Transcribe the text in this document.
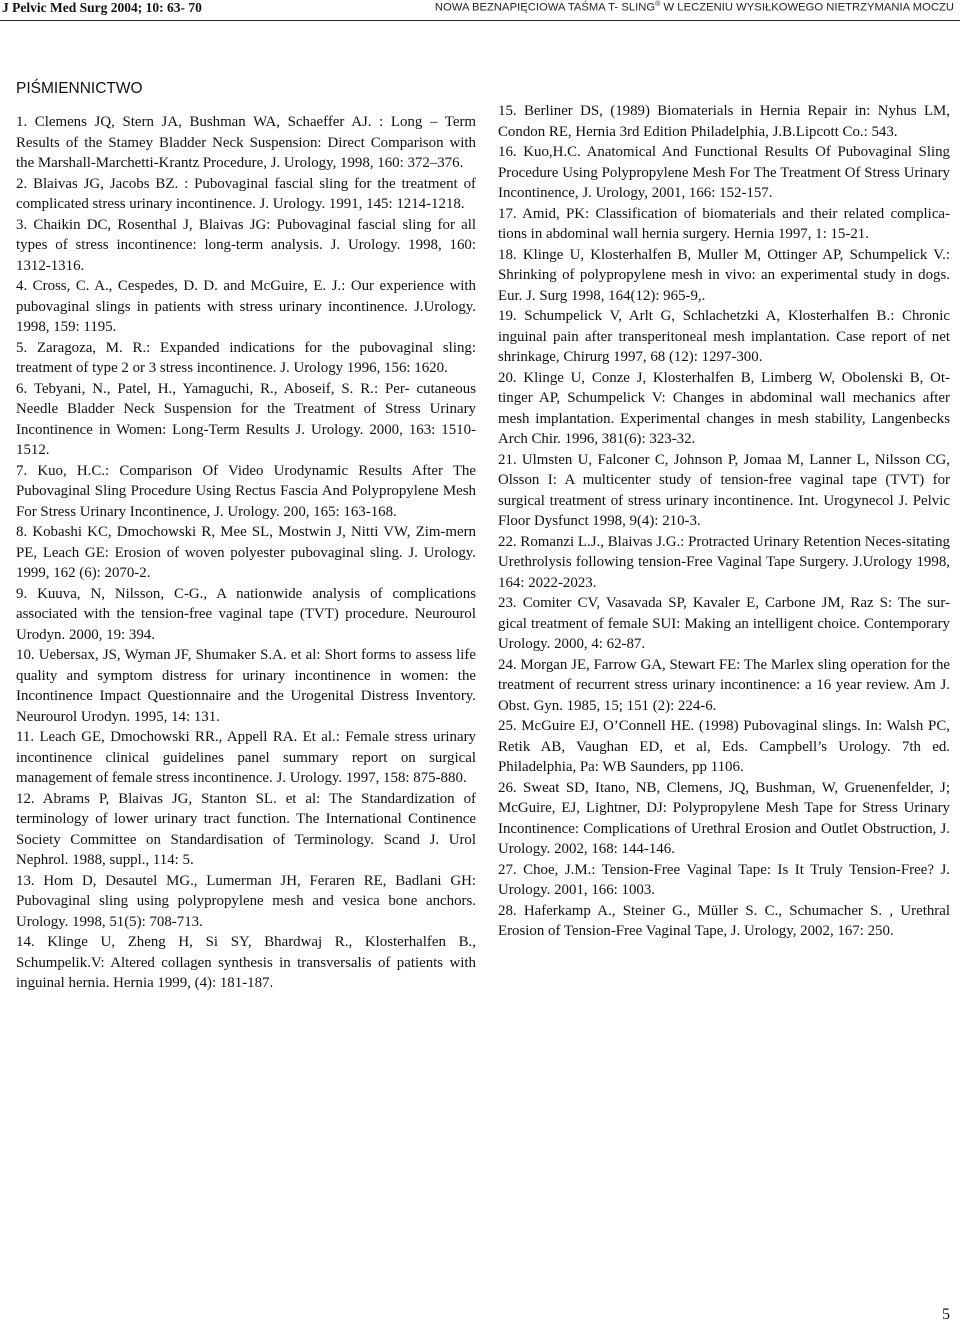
J Pelvic Med Surg 2004; 10: 63- 70	NOWA BEZNAPIĘCIOWA TAŚMA T- SLING® W LECZENIU WYSIŁKOWEGO NIETRZYMANIA MOCZU
PIŚMIENNICTWO

1. Clemens JQ, Stern JA, Bushman WA, Schaeffer AJ. : Long – Term Results of the Stamey Bladder Neck Suspension: Direct Comparison with the Marshall-Marchetti-Krantz Procedure, J. Urology, 1998, 160: 372–376.

2. Blaivas JG, Jacobs BZ. : Pubovaginal fascial sling for the treatment of complicated stress urinary incontinence. J. Urology. 1991, 145: 1214-1218.

3. Chaikin DC, Rosenthal J, Blaivas JG: Pubovaginal fascial sling for all types of stress incontinence: long-term analysis. J. Urology. 1998, 160: 1312-1316.

4. Cross, C. A., Cespedes, D. D. and McGuire, E. J.: Our experience with pubovaginal slings in patients with stress urinary incontinence. J.Urology. 1998, 159: 1195.

5. Zaragoza, M. R.: Expanded indications for the pubovaginal sling: treatment of type 2 or 3 stress incontinence. J. Urology 1996, 156: 1620.

6. Tebyani, N., Patel, H., Yamaguchi, R., Aboseif, S. R.: Per- cutaneous Needle Bladder Neck Suspension for the Treatment of Stress Urinary Incontinence in Women: Long-Term Results J. Urology. 2000, 163: 1510-1512.

7. Kuo, H.C.: Comparison Of Video Urodynamic Results After The Pubovaginal Sling Procedure Using Rectus Fascia And Polypropylene Mesh For Stress Urinary Incontinence, J. Urology. 200, 165: 163-168.

8. Kobashi KC, Dmochowski R, Mee SL, Mostwin J, Nitti VW, Zim-mern PE, Leach GE: Erosion of woven polyester pubovaginal sling. J. Urology. 1999, 162 (6): 2070-2.

9. Kuuva, N, Nilsson, C-G., A nationwide analysis of complications associated with the tension-free vaginal tape (TVT) procedure. Neurourol Urodyn. 2000, 19: 394.

10. Uebersax, JS, Wyman JF, Shumaker S.A. et al: Short forms to assess life quality and symptom distress for urinary incontinence in women: the Incontinence Impact Questionnaire and the Urogenital Distress Inventory. Neurourol Urodyn. 1995, 14: 131.

11. Leach GE, Dmochowski RR., Appell RA. Et al.: Female stress urinary incontinence clinical guidelines panel summary report on surgical management of female stress incontinence. J. Urology. 1997, 158: 875-880.

12. Abrams P, Blaivas JG, Stanton SL. et al: The Standardization of terminology of lower urinary tract function. The International Continence Society Committee on Standardisation of Terminology. Scand J. Urol Nephrol. 1988, suppl., 114: 5.

13. Hom D, Desautel MG., Lumerman JH, Feraren RE, Badlani GH: Pubovaginal sling using polypropylene mesh and vesica bone anchors. Urology. 1998, 51(5): 708-713.

14. Klinge U, Zheng H, Si SY, Bhardwaj R., Klosterhalfen B., Schumpelik.V: Altered collagen synthesis in transversalis of patients with inguinal hernia. Hernia 1999, (4): 181-187.

15. Berliner DS, (1989) Biomaterials in Hernia Repair in: Nyhus LM, Condon RE, Hernia 3rd Edition Philadelphia, J.B.Lipcott Co.: 543.

16. Kuo,H.C. Anatomical And Functional Results Of Pubovaginal Sling Procedure Using Polypropylene Mesh For The Treatment Of Stress Urinary Incontinence, J. Urology, 2001, 166: 152-157.

17. Amid, PK: Classification of biomaterials and their related complica-tions in abdominal wall hernia surgery. Hernia 1997, 1: 15-21.

18. Klinge U, Klosterhalfen B, Muller M, Ottinger AP, Schumpelick V.: Shrinking of polypropylene mesh in vivo: an experimental study in dogs. Eur. J. Surg 1998, 164(12): 965-9,.

19. Schumpelick V, Arlt G, Schlachetzki A, Klosterhalfen B.: Chronic inguinal pain after transperitoneal mesh implantation. Case report of net shrinkage, Chirurg 1997, 68 (12): 1297-300.

20. Klinge U, Conze J, Klosterhalfen B, Limberg W, Obolenski B, Ot-tinger AP, Schumpelick V: Changes in abdominal wall mechanics after mesh implantation. Experimental changes in mesh stability, Langenbecks Arch Chir. 1996, 381(6): 323-32.

21. Ulmsten U, Falconer C, Johnson P, Jomaa M, Lanner L, Nilsson CG, Olsson I: A multicenter study of tension-free vaginal tape (TVT) for surgical treatment of stress urinary incontinence. Int. Urogynecol J. Pelvic Floor Dysfunct 1998, 9(4): 210-3.

22. Romanzi L.J., Blaivas J.G.: Protracted Urinary Retention Neces-sitating Urethrolysis following tension-Free Vaginal Tape Surgery. J.Urology 1998, 164: 2022-2023.

23. Comiter CV, Vasavada SP, Kavaler E, Carbone JM, Raz S: The sur-gical treatment of female SUI: Making an intelligent choice. Contemporary Urology. 2000, 4: 62-87.

24. Morgan JE, Farrow GA, Stewart FE: The Marlex sling operation for the treatment of recurrent stress urinary incontinence: a 16 year review. Am J. Obst. Gyn. 1985, 15; 151 (2): 224-6.

25. McGuire EJ, O’Connell HE. (1998) Pubovaginal slings. In: Walsh PC, Retik AB, Vaughan ED, et al, Eds. Campbell’s Urology. 7th ed. Philadelphia, Pa: WB Saunders, pp 1106.

26. Sweat SD, Itano, NB, Clemens, JQ, Bushman, W, Gruenenfelder, J; McGuire, EJ, Lightner, DJ: Polypropylene Mesh Tape for Stress Urinary Incontinence: Complications of Urethral Erosion and Outlet Obstruction, J. Urology. 2002, 168: 144-146.

27. Choe, J.M.: Tension-Free Vaginal Tape: Is It Truly Tension-Free? J. Urology. 2001, 166: 1003.

28. Haferkamp A., Steiner G., Müller S. C., Schumacher S. , Urethral Erosion of Tension-Free Vaginal Tape, J. Urology, 2002, 167: 250.

5
